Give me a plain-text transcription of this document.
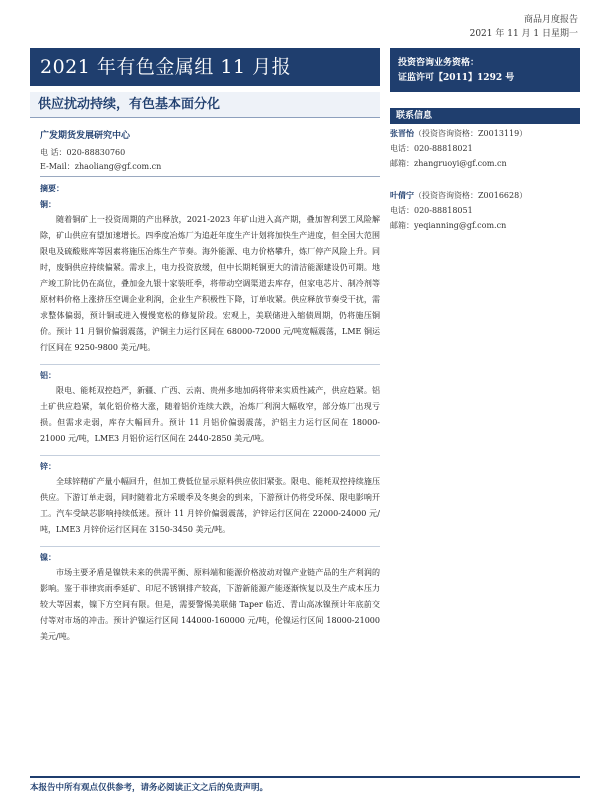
商品月度报告
2021 年 11 月 1 日星期一
2021 年有色金属组 11 月报
供应扰动持续，有色基本面分化
广发期货发展研究中心
电 话：020-88830760
E-Mail：zhaoliang@gf.com.cn
摘要：
铜：
随着铜矿上一投资周期的产出释放，2021-2023 年矿山进入高产期，叠加智利罢工风险解除，矿山供应有望加速增长。四季度冶炼厂为追赶年度生产计划将加快生产进度，但全国大范围限电及硫酸账库等因素将施压冶炼生产节奏。海外能源、电力价格攀升，炼厂停产风险上升。同时，废铜供应持续偏紧。需求上，电力投资放缓，但中长期耗铜更大的清洁能源建设仍可期。地产竣工阶比仍在高位，叠加金九银十家装旺季，将带动空调渠道去库存，但家电芯片、制冷剂等原材料价格上涨挤压空调企业利润，企业生产积极性下降，订单收紧。供应释放节奏受干扰，需求整体偏弱，预计铜或进入慢慢宽松的修复阶段。宏观上，美联储进入缩债周期，仍将施压铜价。预计 11 月铜价偏弱震荡，沪铜主力运行区间在 68000-72000 元/吨宽幅震荡，LME 铜运行区间在 9250-9800 美元/吨。
铝：
限电、能耗双控趋严，新疆、广西、云南、贵州多地加码将带来实质性减产，供应趋紧。铝土矿供应趋紧，氧化铝价格大涨，随着铝价连续大跌，冶炼厂利润大幅收窄，部分炼厂出现亏损。但需求走弱，库存大幅回升。预计 11 月铝价偏弱震荡，沪铝主力运行区间在 18000-21000 元/吨，LME3 月铝价运行区间在 2440-2850 美元/吨。
锌：
全球锌精矿产量小幅回升，但加工费低位显示原料供应依旧紧张。限电、能耗双控持续施压供应。下游订单走弱，同时随着北方采暖季及冬奥会的到来，下游预计仍将受环保、限电影响开工。汽车受缺芯影响持续低迷。预计 11 月锌价偏弱震荡，沪锌运行区间在 22000-24000 元/吨，LME3 月锌价运行区间在 3150-3450 美元/吨。
镍：
市场主要矛盾是镍铁未来的供需平衡、原料端和能源价格波动对镍产业链产品的生产利润的影响。鉴于菲律宾雨季延矿、印尼不锈钢排产较高，下游新能源产能逐渐恢复以及生产成本压力较大等因素，镍下方空间有限。但是，需要警惕美联储 Taper 临近、青山高冰镍预计年底前交付等对市场的冲击。预计沪镍运行区间 144000-160000 元/吨，伦镍运行区间 18000-21000 美元/吨。
投资咨询业务资格：
证监许可【2011】1292 号
联系信息
张晋怡（投资咨询资格：Z0013119）
电话：020-88818021
邮箱：zhangruoyi@gf.com.cn
叶倩宁（投资咨询资格：Z0016628）
电话：020-88818051
邮箱：yeqianning@gf.com.cn
本报告中所有观点仅供参考，请务必阅读正文之后的免责声明。
